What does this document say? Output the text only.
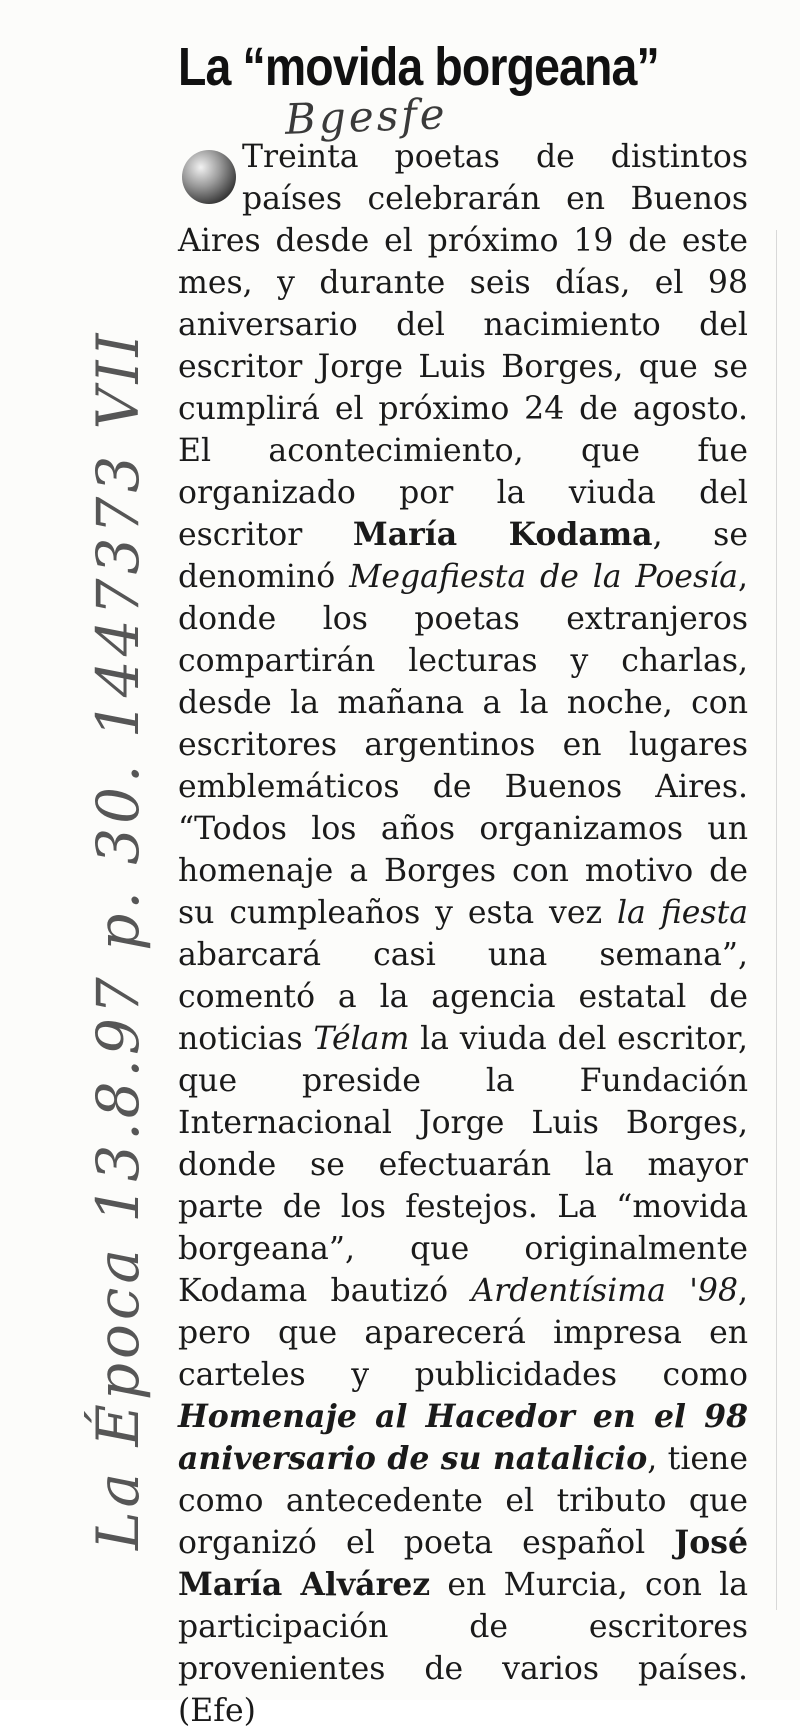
La “movida borgeana”
Bgesfe
La Época 13.8.97 p. 30. 1447373 VII

Treinta poetas de distintos países celebrarán en Buenos Aires desde el próximo 19 de este mes, y durante seis días, el 98 aniversario del nacimiento del escritor Jorge Luis Borges, que se cumplirá el próximo 24 de agosto. El acontecimiento, que fue organizado por la viuda del escritor María Kodama, se denominó Megafiesta de la Poesía, donde los poetas extranjeros compartirán lecturas y charlas, desde la mañana a la noche, con escritores argentinos en lugares emblemáticos de Buenos Aires. “Todos los años organizamos un homenaje a Borges con motivo de su cumpleaños y esta vez la fiesta abarcará casi una semana”, comentó a la agencia estatal de noticias Télam la viuda del escritor, que preside la Fundación Internacional Jorge Luis Borges, donde se efectuarán la mayor parte de los festejos. La “movida borgeana”, que originalmente Kodama bautizó Ardentísima '98, pero que aparecerá impresa en carteles y publicidades como Homenaje al Hacedor en el 98 aniversario de su natalicio, tiene como antecedente el tributo que organizó el poeta español José María Alvárez en Murcia, con la participación de escritores provenientes de varios países. (Efe)
